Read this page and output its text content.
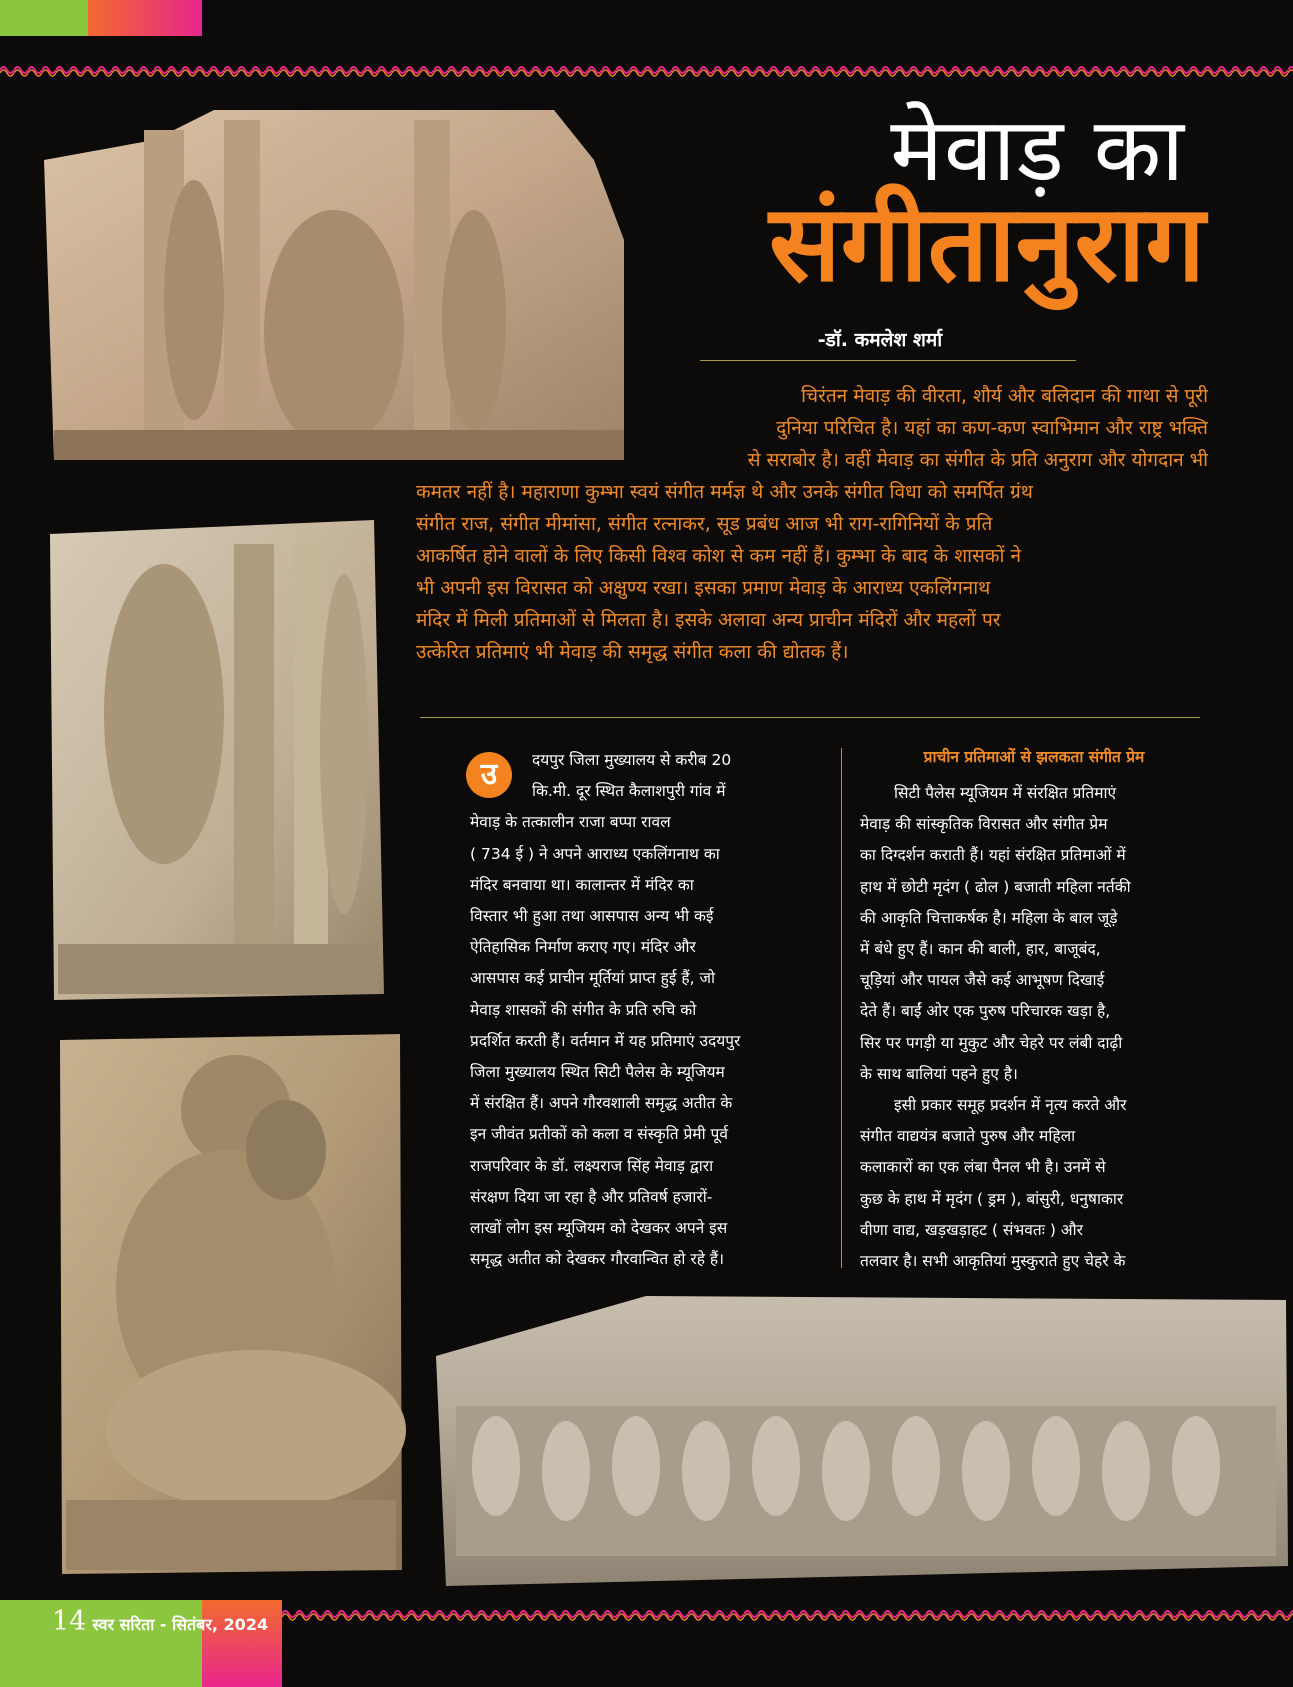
मेवाड़ का
संगीतानुराग
-डॉ. कमलेश शर्मा
चिरंतन मेवाड़ की वीरता, शौर्य और बलिदान की गाथा से पूरी
दुनिया परिचित है। यहां का कण-कण स्वाभिमान और राष्ट्र भक्ति
से सराबोर है। वहीं मेवाड़ का संगीत के प्रति अनुराग और योगदान भी
कमतर नहीं है। महाराणा कुम्भा स्वयं संगीत मर्मज्ञ थे और उनके संगीत विधा को समर्पित ग्रंथ
संगीत राज, संगीत मीमांसा, संगीत रत्नाकर, सूड प्रबंध आज भी राग-रागिनियों के प्रति
आकर्षित होने वालों के लिए किसी विश्व कोश से कम नहीं हैं। कुम्भा के बाद के शासकों ने
भी अपनी इस विरासत को अक्षुण्य रखा। इसका प्रमाण मेवाड़ के आराध्य एकलिंगनाथ
मंदिर में मिली प्रतिमाओं से मिलता है। इसके अलावा अन्य प्राचीन मंदिरों और महलों पर
उत्केरित प्रतिमाएं भी मेवाड़ की समृद्ध संगीत कला की द्योतक हैं।
उ	दयपुर जिला मुख्यालय से करीब 20
कि.मी. दूर स्थित कैलाशपुरी गांव में
मेवाड़ के तत्कालीन राजा बप्पा रावल
( 734 ई ) ने अपने आराध्य एकलिंगनाथ का
मंदिर बनवाया था। कालान्तर में मंदिर का
विस्तार भी हुआ तथा आसपास अन्य भी कई
ऐतिहासिक निर्माण कराए गए। मंदिर और
आसपास कई प्राचीन मूर्तियां प्राप्त हुई हैं, जो
मेवाड़ शासकों की संगीत के प्रति रुचि को
प्रदर्शित करती हैं। वर्तमान में यह प्रतिमाएं उदयपुर
जिला मुख्यालय स्थित सिटी पैलेस के म्यूजियम
में संरक्षित हैं। अपने गौरवशाली समृद्ध अतीत के
इन जीवंत प्रतीकों को कला व संस्कृति प्रेमी पूर्व
राजपरिवार के डॉ. लक्ष्यराज सिंह मेवाड़ द्वारा
संरक्षण दिया जा रहा है और प्रतिवर्ष हजारों-
लाखों लोग इस म्यूजियम को देखकर अपने इस
समृद्ध अतीत को देखकर गौरवान्वित हो रहे हैं।
प्राचीन प्रतिमाओं से झलकता संगीत प्रेम
सिटी पैलेस म्यूजियम में संरक्षित प्रतिमाएं
मेवाड़ की सांस्कृतिक विरासत और संगीत प्रेम
का दिग्दर्शन कराती हैं। यहां संरक्षित प्रतिमाओं में
हाथ में छोटी मृदंग ( ढोल ) बजाती महिला नर्तकी
की आकृति चित्ताकर्षक है। महिला के बाल जूड़े
में बंधे हुए हैं। कान की बाली, हार, बाजूबंद,
चूड़ियां और पायल जैसे कई आभूषण दिखाई
देते हैं। बाईं ओर एक पुरुष परिचारक खड़ा है,
सिर पर पगड़ी या मुकुट और चेहरे पर लंबी दाढ़ी
के साथ बालियां पहने हुए है।
इसी प्रकार समूह प्रदर्शन में नृत्य करते और
संगीत वाद्ययंत्र बजाते पुरुष और महिला
कलाकारों का एक लंबा पैनल भी है। उनमें से
कुछ के हाथ में मृदंग ( ड्रम ), बांसुरी, धनुषाकार
वीणा वाद्य, खड़खड़ाहट ( संभवतः ) और
तलवार है। सभी आकृतियां मुस्कुराते हुए चेहरे के
14 स्वर सरिता - सितंबर, 2024
